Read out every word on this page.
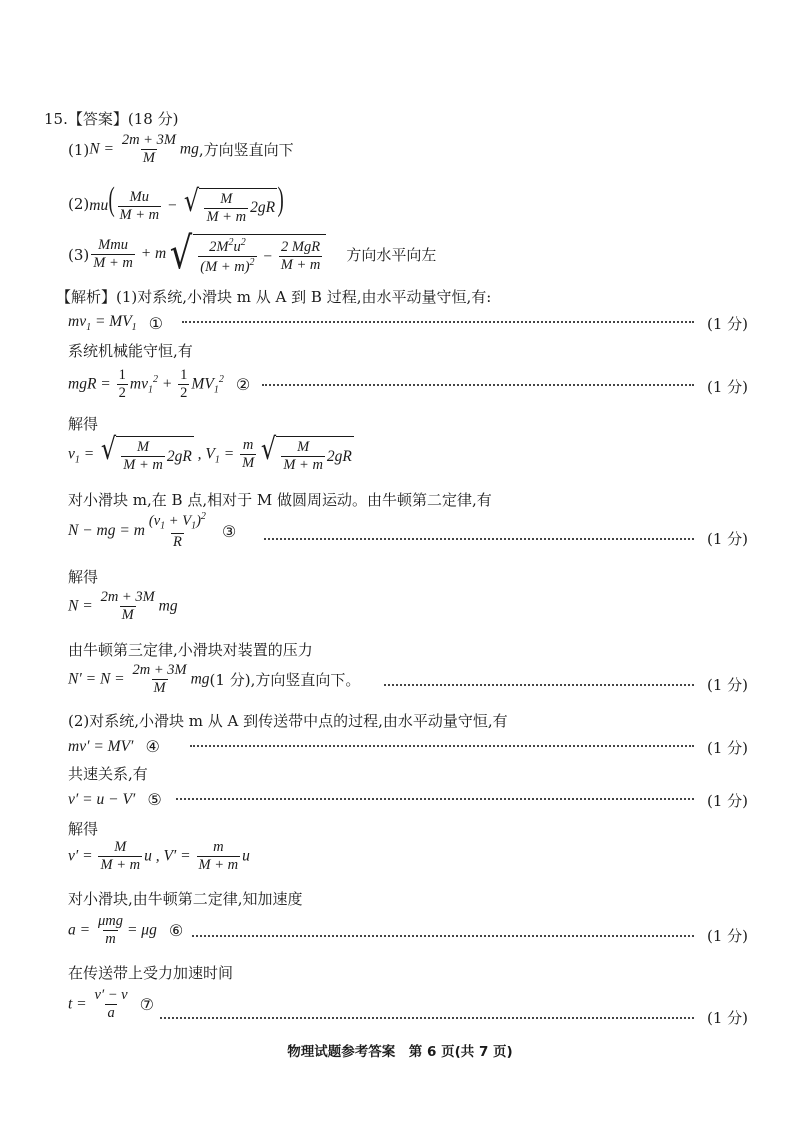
15. 【答案】 (18 分)
(1) $N = \frac{2m + 3M}{M}$ mg ,方向竖直向下
(2) $mu( \frac{Mu}{M + m}$ − √ $\frac{M}{M + m} 2gR$ )
$(3) \frac{\text{Mmu}}{M + m} + m$ √ $\frac{2M^2u^2}{(M + m)^2} - \frac{\text{2 MgR}}{M + m}$ 方向水平向左
【解析】(1)对系统,小滑块 m 从 A 到 B 过程,由水平动量守恒,有:
$mv_1 = MV_1$ ①	(1 分)
系统机械能守恒,有
mgR = $\frac{1}{2} mv_1^2 + \frac{1}{2} MV_1^2$ ②	(1 分)
解得
$v_1$ = √ $\frac{M}{M + m} 2gR$ , $V_1 = \frac{m}{M}$ √ $\frac{M}{M + m} 2gR$
对小滑块 m,在 B 点,相对于 M 做圆周运动。由牛顿第二定律,有
N − mg = m $\frac{(v_1 + V_1)^2}{R}$ ③	(1 分)
解得
$N = \frac{2m + 3M}{M}$ mg
由牛顿第三定律,小滑块对装置的压力
$N' = N = \frac{2m + 3M}{M}$ mg (1 分),方向竖直向下。	(1 分)
(2)对系统,小滑块 m 从 A 到传送带中点的过程,由水平动量守恒,有
mv′ = MV′ ④	(1 分)
共速关系,有
v′ = u − V′ ⑤	(1 分)
解得
$v' = \frac{M}{M + m}$ u , $V' = \frac{m}{M + m}$ u
对小滑块,由牛顿第二定律,知加速度
$a = \frac{\text{μmg}}{m} = \mu g$ ⑥	(1 分)
在传送带上受力加速时间
$t = \frac{v' - v}{a}$ ⑦
(1 分)
物理试题参考答案　第 6 页(共 7 页)
